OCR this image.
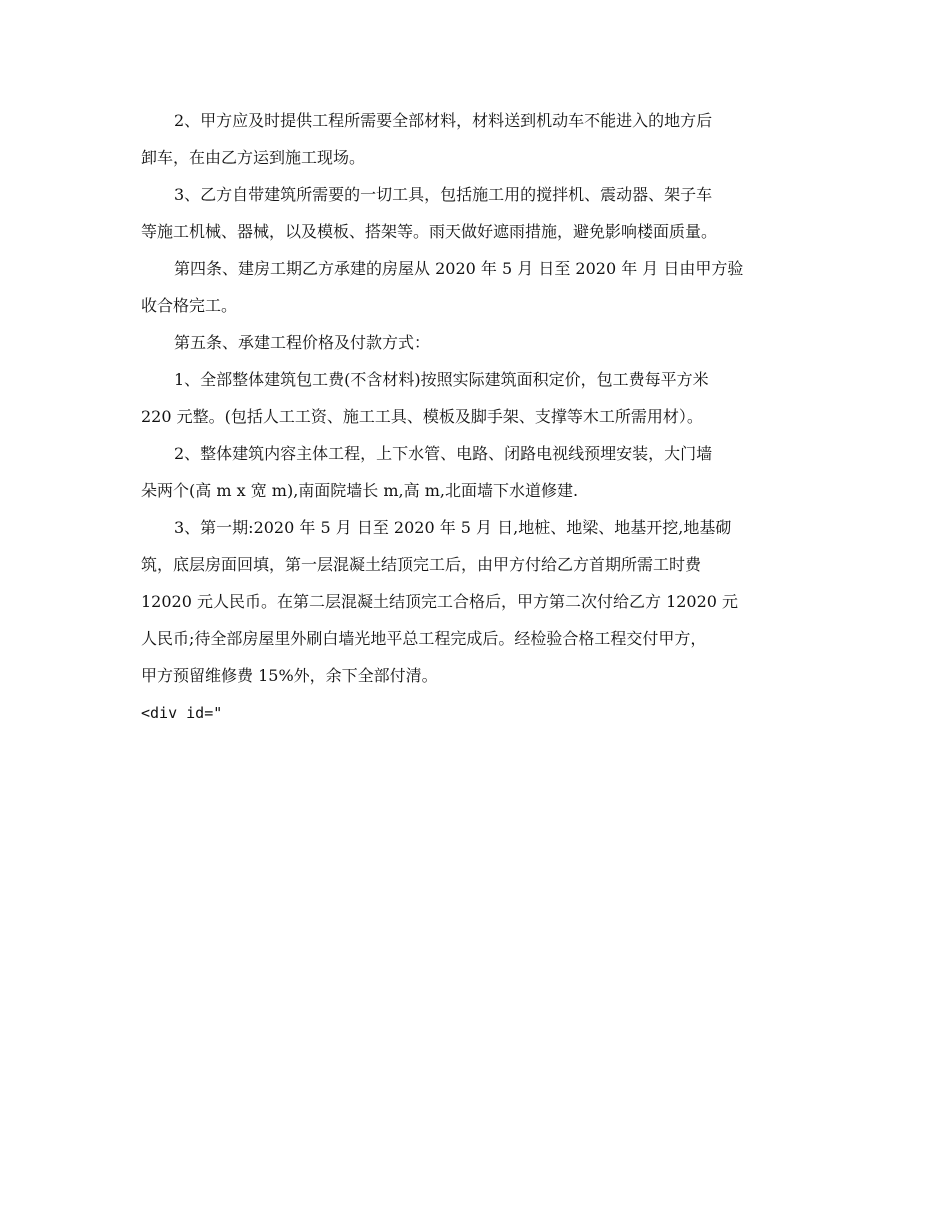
2、甲方应及时提供工程所需要全部材料，材料送到机动车不能进入的地方后
卸车，在由乙方运到施工现场。
3、乙方自带建筑所需要的一切工具，包括施工用的搅拌机、震动器、架子车
等施工机械、器械，以及模板、搭架等。雨天做好遮雨措施，避免影响楼面质量。
第四条、建房工期乙方承建的房屋从 2020 年 5 月 日至 2020 年 月 日由甲方验
收合格完工。
第五条、承建工程价格及付款方式：
1、全部整体建筑包工费(不含材料)按照实际建筑面积定价，包工费每平方米
220 元整。(包括人工工资、施工工具、模板及脚手架、支撑等木工所需用材）。
2、整体建筑内容主体工程，上下水管、电路、闭路电视线预埋安装，大门墙
朵两个(高 m x 宽 m),南面院墙长 m,高 m,北面墙下水道修建.
3、第一期:2020 年 5 月 日至 2020 年 5 月 日,地桩、地梁、地基开挖,地基砌
筑，底层房面回填，第一层混凝土结顶完工后，由甲方付给乙方首期所需工时费
12020 元人民币。在第二层混凝土结顶完工合格后，甲方第二次付给乙方 12020 元
人民币;待全部房屋里外刷白墙光地平总工程完成后。经检验合格工程交付甲方，
甲方预留维修费 15%外，余下全部付清。
<div id="
